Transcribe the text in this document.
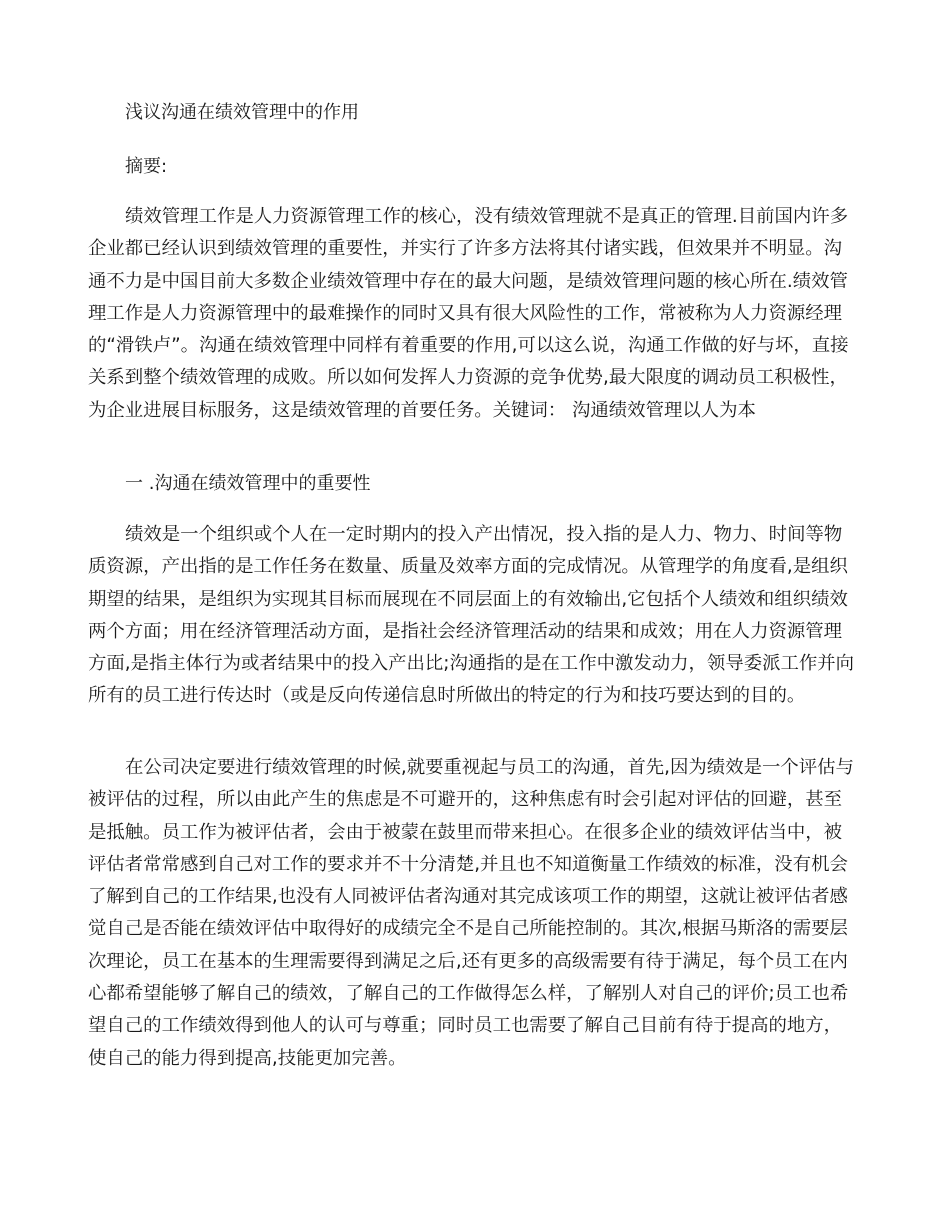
浅议沟通在绩效管理中的作用
摘要:
绩效管理工作是人力资源管理工作的核心，没有绩效管理就不是真正的管理.目前国内许多
企业都已经认识到绩效管理的重要性，并实行了许多方法将其付诸实践，但效果并不明显。沟
通不力是中国目前大多数企业绩效管理中存在的最大问题，是绩效管理问题的核心所在.绩效管
理工作是人力资源管理中的最难操作的同时又具有很大风险性的工作，常被称为人力资源经理
的“滑铁卢”。沟通在绩效管理中同样有着重要的作用,可以这么说，沟通工作做的好与坏，直接
关系到整个绩效管理的成败。所以如何发挥人力资源的竞争优势,最大限度的调动员工积极性，
为企业进展目标服务，这是绩效管理的首要任务。关键词： 沟通绩效管理以人为本
一 .沟通在绩效管理中的重要性
绩效是一个组织或个人在一定时期内的投入产出情况，投入指的是人力、物力、时间等物
质资源，产出指的是工作任务在数量、质量及效率方面的完成情况。从管理学的角度看,是组织
期望的结果，是组织为实现其目标而展现在不同层面上的有效输出,它包括个人绩效和组织绩效
两个方面；用在经济管理活动方面，是指社会经济管理活动的结果和成效；用在人力资源管理
方面,是指主体行为或者结果中的投入产出比;沟通指的是在工作中激发动力，领导委派工作并向
所有的员工进行传达时（或是反向传递信息时所做出的特定的行为和技巧要达到的目的。
在公司决定要进行绩效管理的时候,就要重视起与员工的沟通，首先,因为绩效是一个评估与
被评估的过程，所以由此产生的焦虑是不可避开的，这种焦虑有时会引起对评估的回避，甚至
是抵触。员工作为被评估者，会由于被蒙在鼓里而带来担心。在很多企业的绩效评估当中，被
评估者常常感到自己对工作的要求并不十分清楚,并且也不知道衡量工作绩效的标准，没有机会
了解到自己的工作结果,也没有人同被评估者沟通对其完成该项工作的期望，这就让被评估者感
觉自己是否能在绩效评估中取得好的成绩完全不是自己所能控制的。其次,根据马斯洛的需要层
次理论，员工在基本的生理需要得到满足之后,还有更多的高级需要有待于满足，每个员工在内
心都希望能够了解自己的绩效，了解自己的工作做得怎么样，了解别人对自己的评价;员工也希
望自己的工作绩效得到他人的认可与尊重；同时员工也需要了解自己目前有待于提高的地方，
使自己的能力得到提高,技能更加完善。
